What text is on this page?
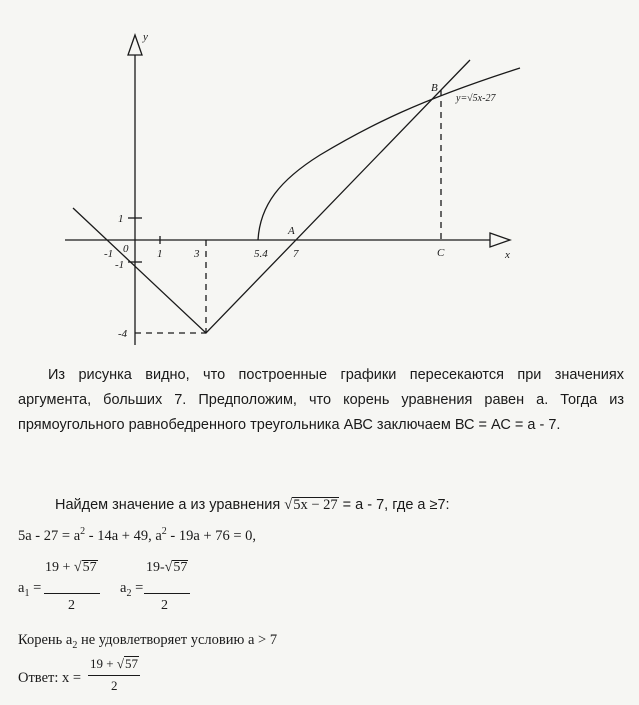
y
x
-1 0	1	3	5.4 7
1
-1
-4
A
B
C
y=√5x-27
Из рисунка видно, что построенные графики пересекаются при значениях аргумента, больших 7. Предположим, что корень уравнения равен а. Тогда из прямоугольного равнобедренного треугольника АВС заключаем ВС = АС = а - 7.
Найдем значение а из уравнения √5x − 27 = а - 7, где а ≥7:
$5a - 27 = a^2 - 14a + 49$, $a^2 - 19a + 76 = 0$,
19 + √57
$a_1$ =
2
19-√57
$a_2$ =
2
Корень $a_2$ не удовлетворяет условию a > 7
Ответ: x =
19 + √57
2
